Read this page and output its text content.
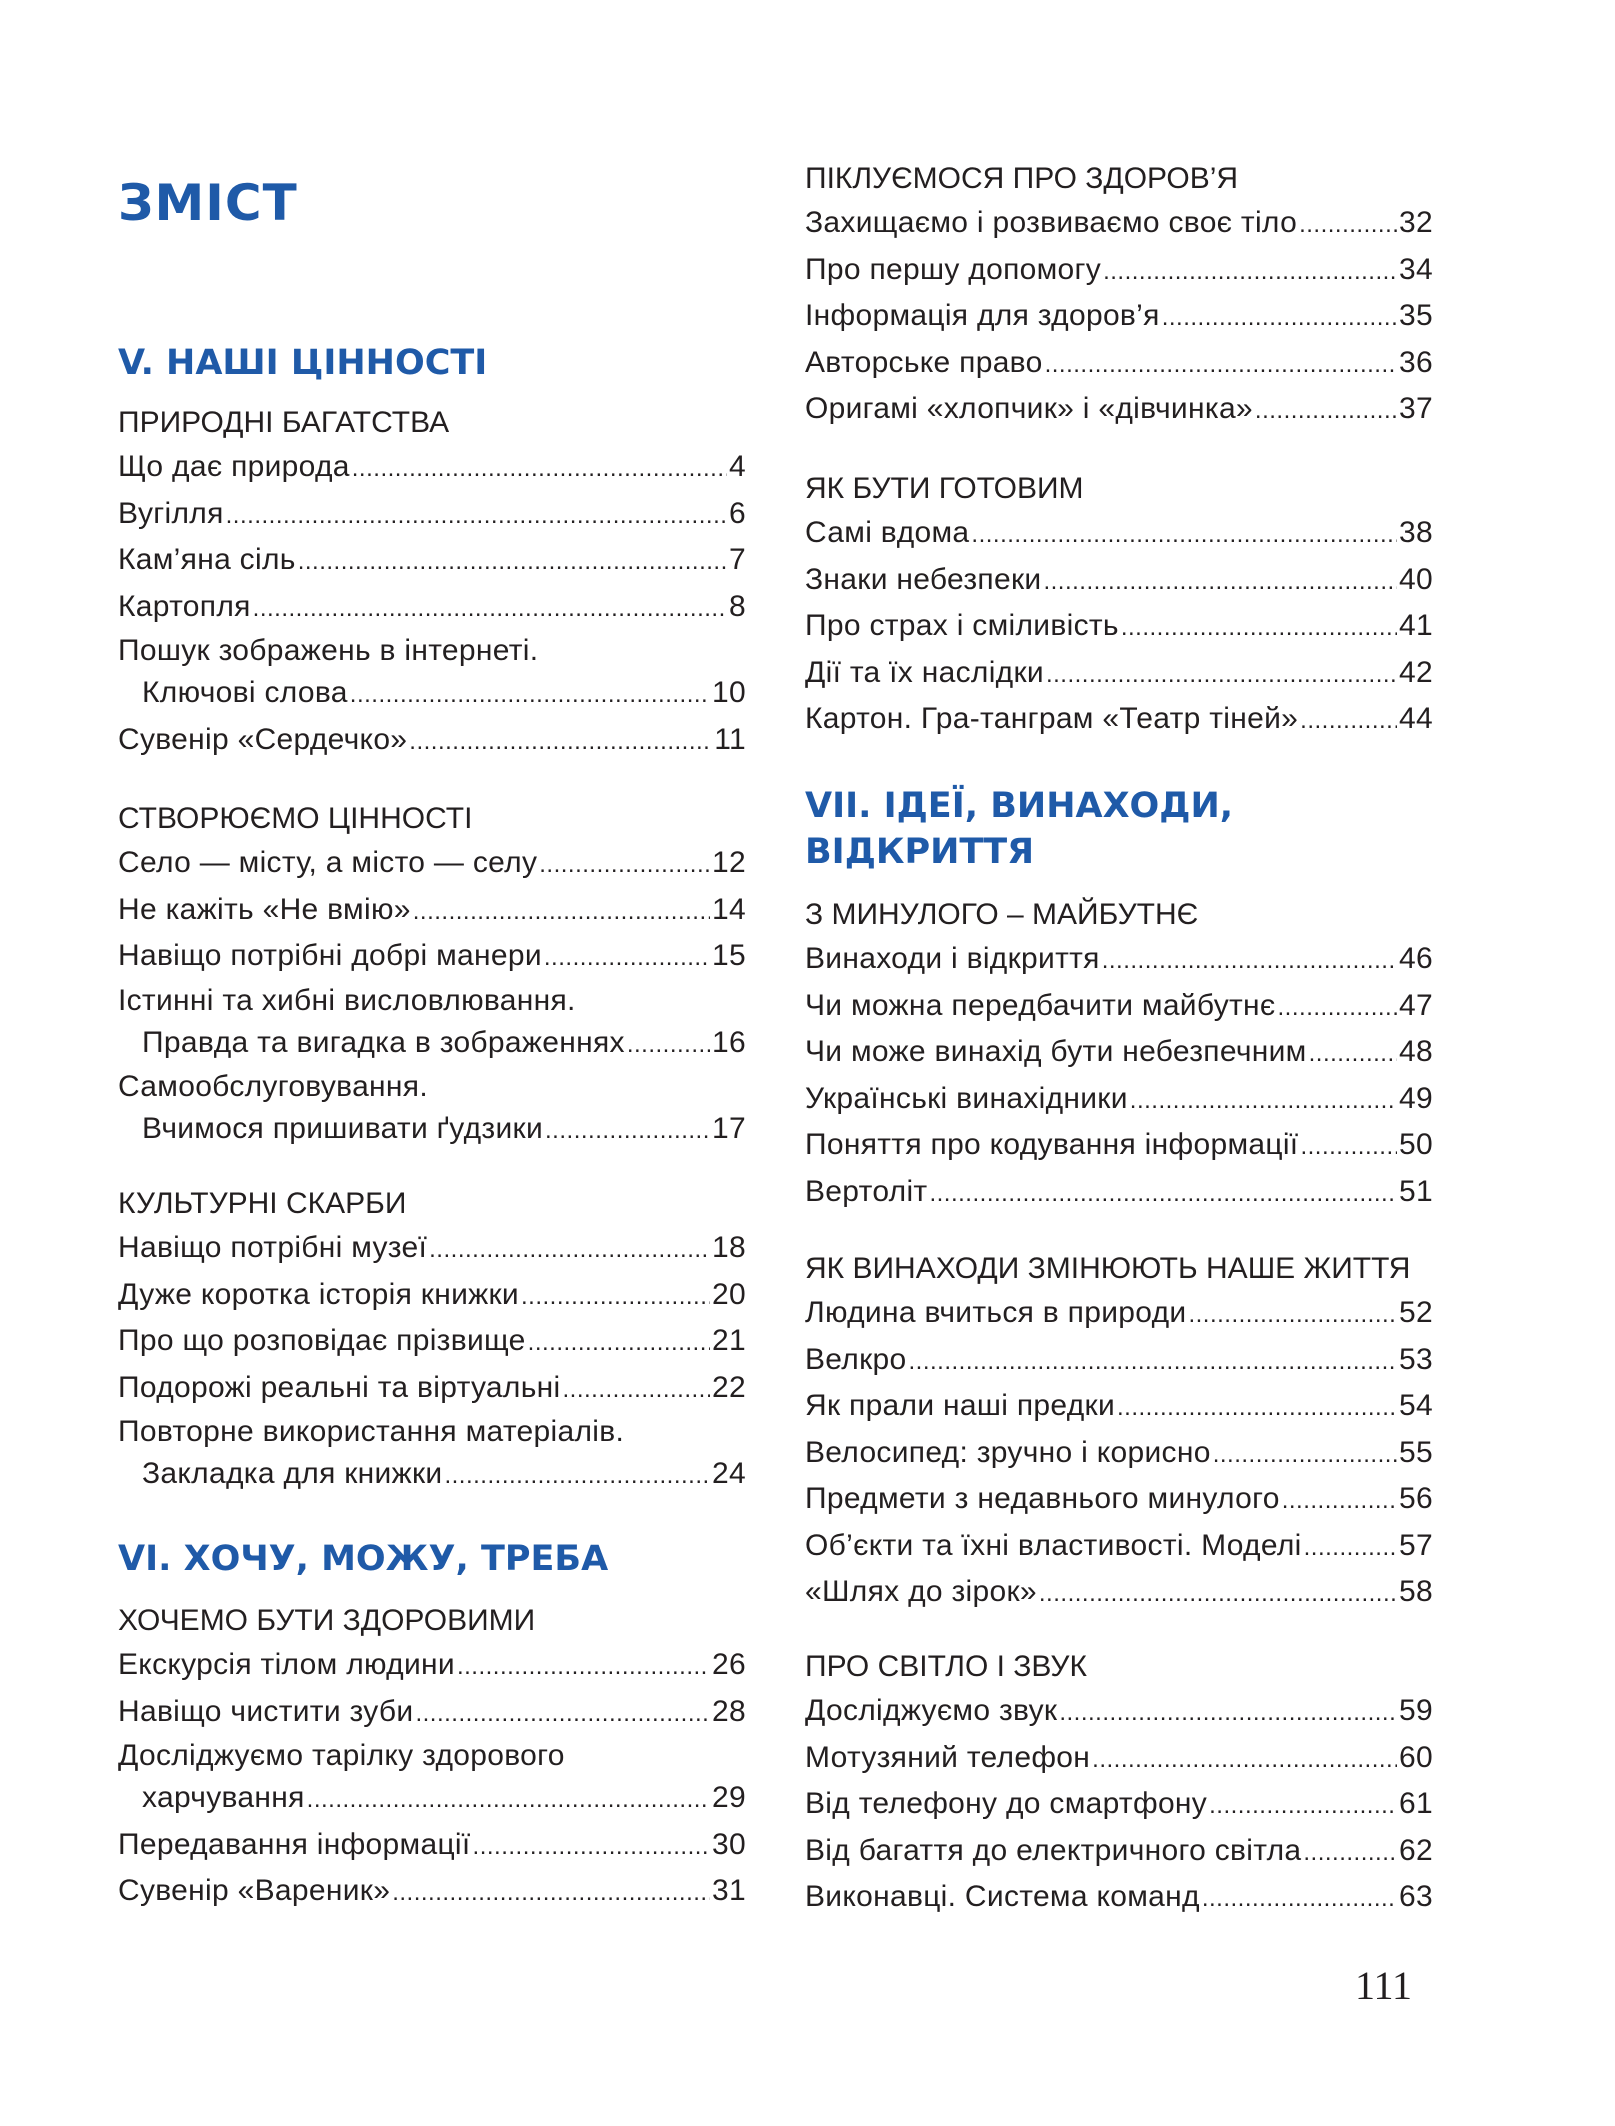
ЗМІСТ
V. НАШІ ЦІННОСТІ
ПРИРОДНІ БАГАТСТВА
Що дає природа .....	4
Вугілля .....	6
Кам’яна сіль .....	7
Картопля .....	8
Пошук зображень в інтернеті.
Ключові слова .....	10
Сувенір «Сердечко» .....	11
СТВОРЮЄМО ЦІННОСТІ
Село — місту, а місто — селу .....	12
Не кажіть «Не вмію» .....	14
Навіщо потрібні добрі манери .....	15
Істинні та хибні висловлювання.
Правда та вигадка в зображеннях .....	16
Самообслуговування.
Вчимося пришивати ґудзики .....	17
КУЛЬТУРНІ СКАРБИ
Навіщо потрібні музеї .....	18
Дуже коротка історія книжки .....	20
Про що розповідає прізвище .....	21
Подорожі реальні та віртуальні .....	22
Повторне використання матеріалів.
Закладка для книжки .....	24
VI. ХОЧУ, МОЖУ, ТРЕБА
ХОЧЕМО БУТИ ЗДОРОВИМИ
Екскурсія тілом людини .....	26
Навіщо чистити зуби .....	28
Досліджуємо тарілку здорового
харчування .....	29
Передавання інформації .....	30
Сувенір «Вареник» .....	31
ПІКЛУЄМОСЯ ПРО ЗДОРОВ’Я
Захищаємо і розвиваємо своє тіло .....	32
Про першу допомогу .....	34
Інформація для здоров’я .....	35
Авторське право .....	36
Оригамі «хлопчик» і «дівчинка» .....	37
ЯК БУТИ ГОТОВИМ
Самі вдома .....	38
Знаки небезпеки .....	40
Про страх і сміливість .....	41
Дії та їх наслідки .....	42
Картон. Гра-танграм «Театр тіней» .....	44
VII. ІДЕЇ, ВИНАХОДИ,
ВІДКРИТТЯ
З МИНУЛОГО – МАЙБУТНЄ
Винаходи і відкриття .....	46
Чи можна передбачити майбутнє .....	47
Чи може винахід бути небезпечним .....	48
Українські винахідники .....	49
Поняття про кодування інформації .....	50
Вертоліт .....	51
ЯК ВИНАХОДИ ЗМІНЮЮТЬ НАШЕ ЖИТТЯ
Людина вчиться в природи .....	52
Велкро .....	53
Як прали наші предки .....	54
Велосипед: зручно і корисно .....	55
Предмети з недавнього минулого .....	56
Об’єкти та їхні властивості. Моделі .....	57
«Шлях до зірок» .....	58
ПРО СВІТЛО І ЗВУК
Досліджуємо звук .....	59
Мотузяний телефон .....	60
Від телефону до смартфону .....	61
Від багаття до електричного світла .....	62
Виконавці. Система команд .....	63
111
